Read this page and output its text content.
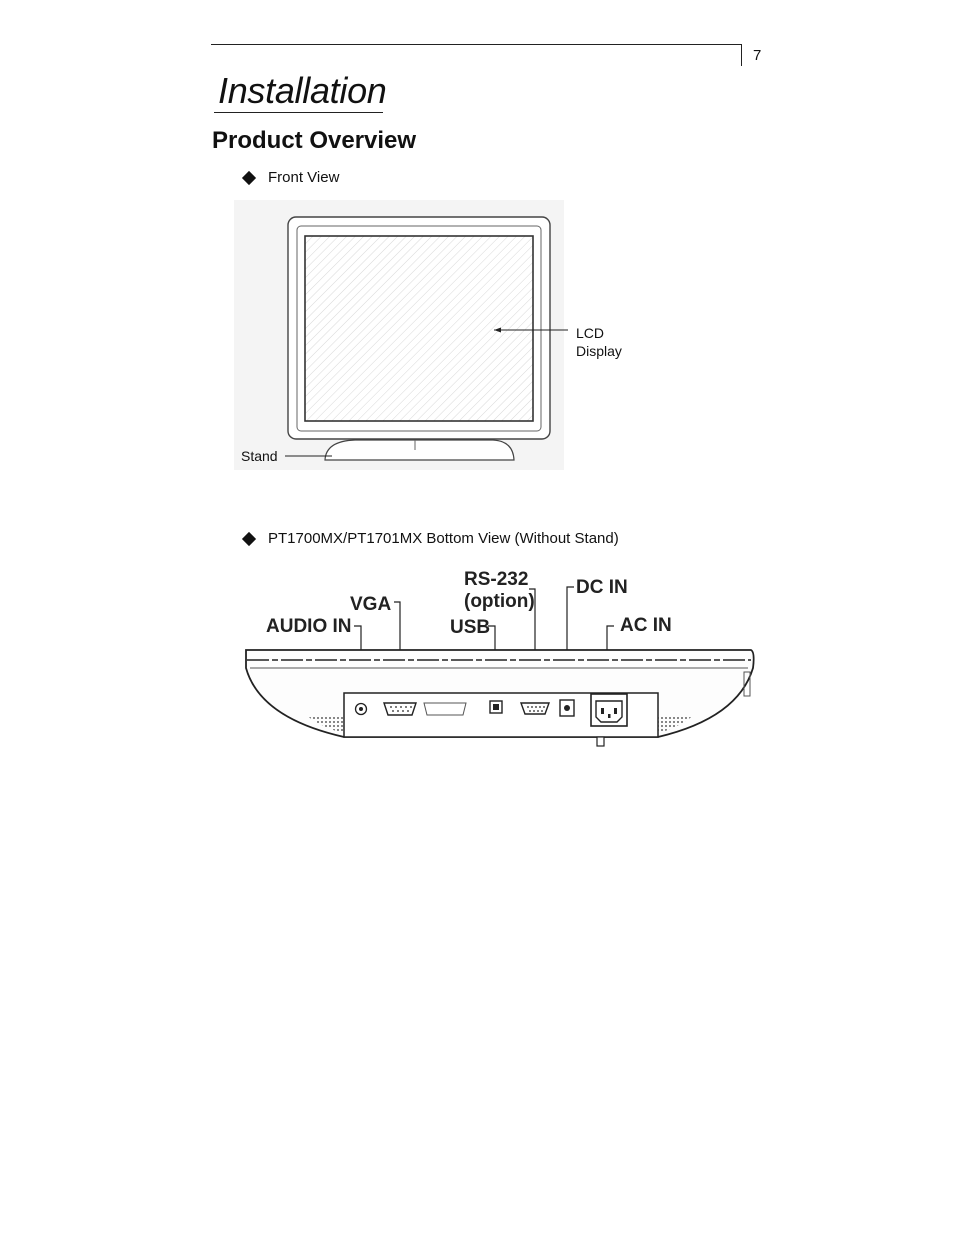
7
Installation
Product Overview
Front View
LCD
Display
Stand
PT1700MX/PT1701MX Bottom View (Without Stand)
AUDIO IN
VGA
USB
RS-232
(option)
DC IN
AC IN
